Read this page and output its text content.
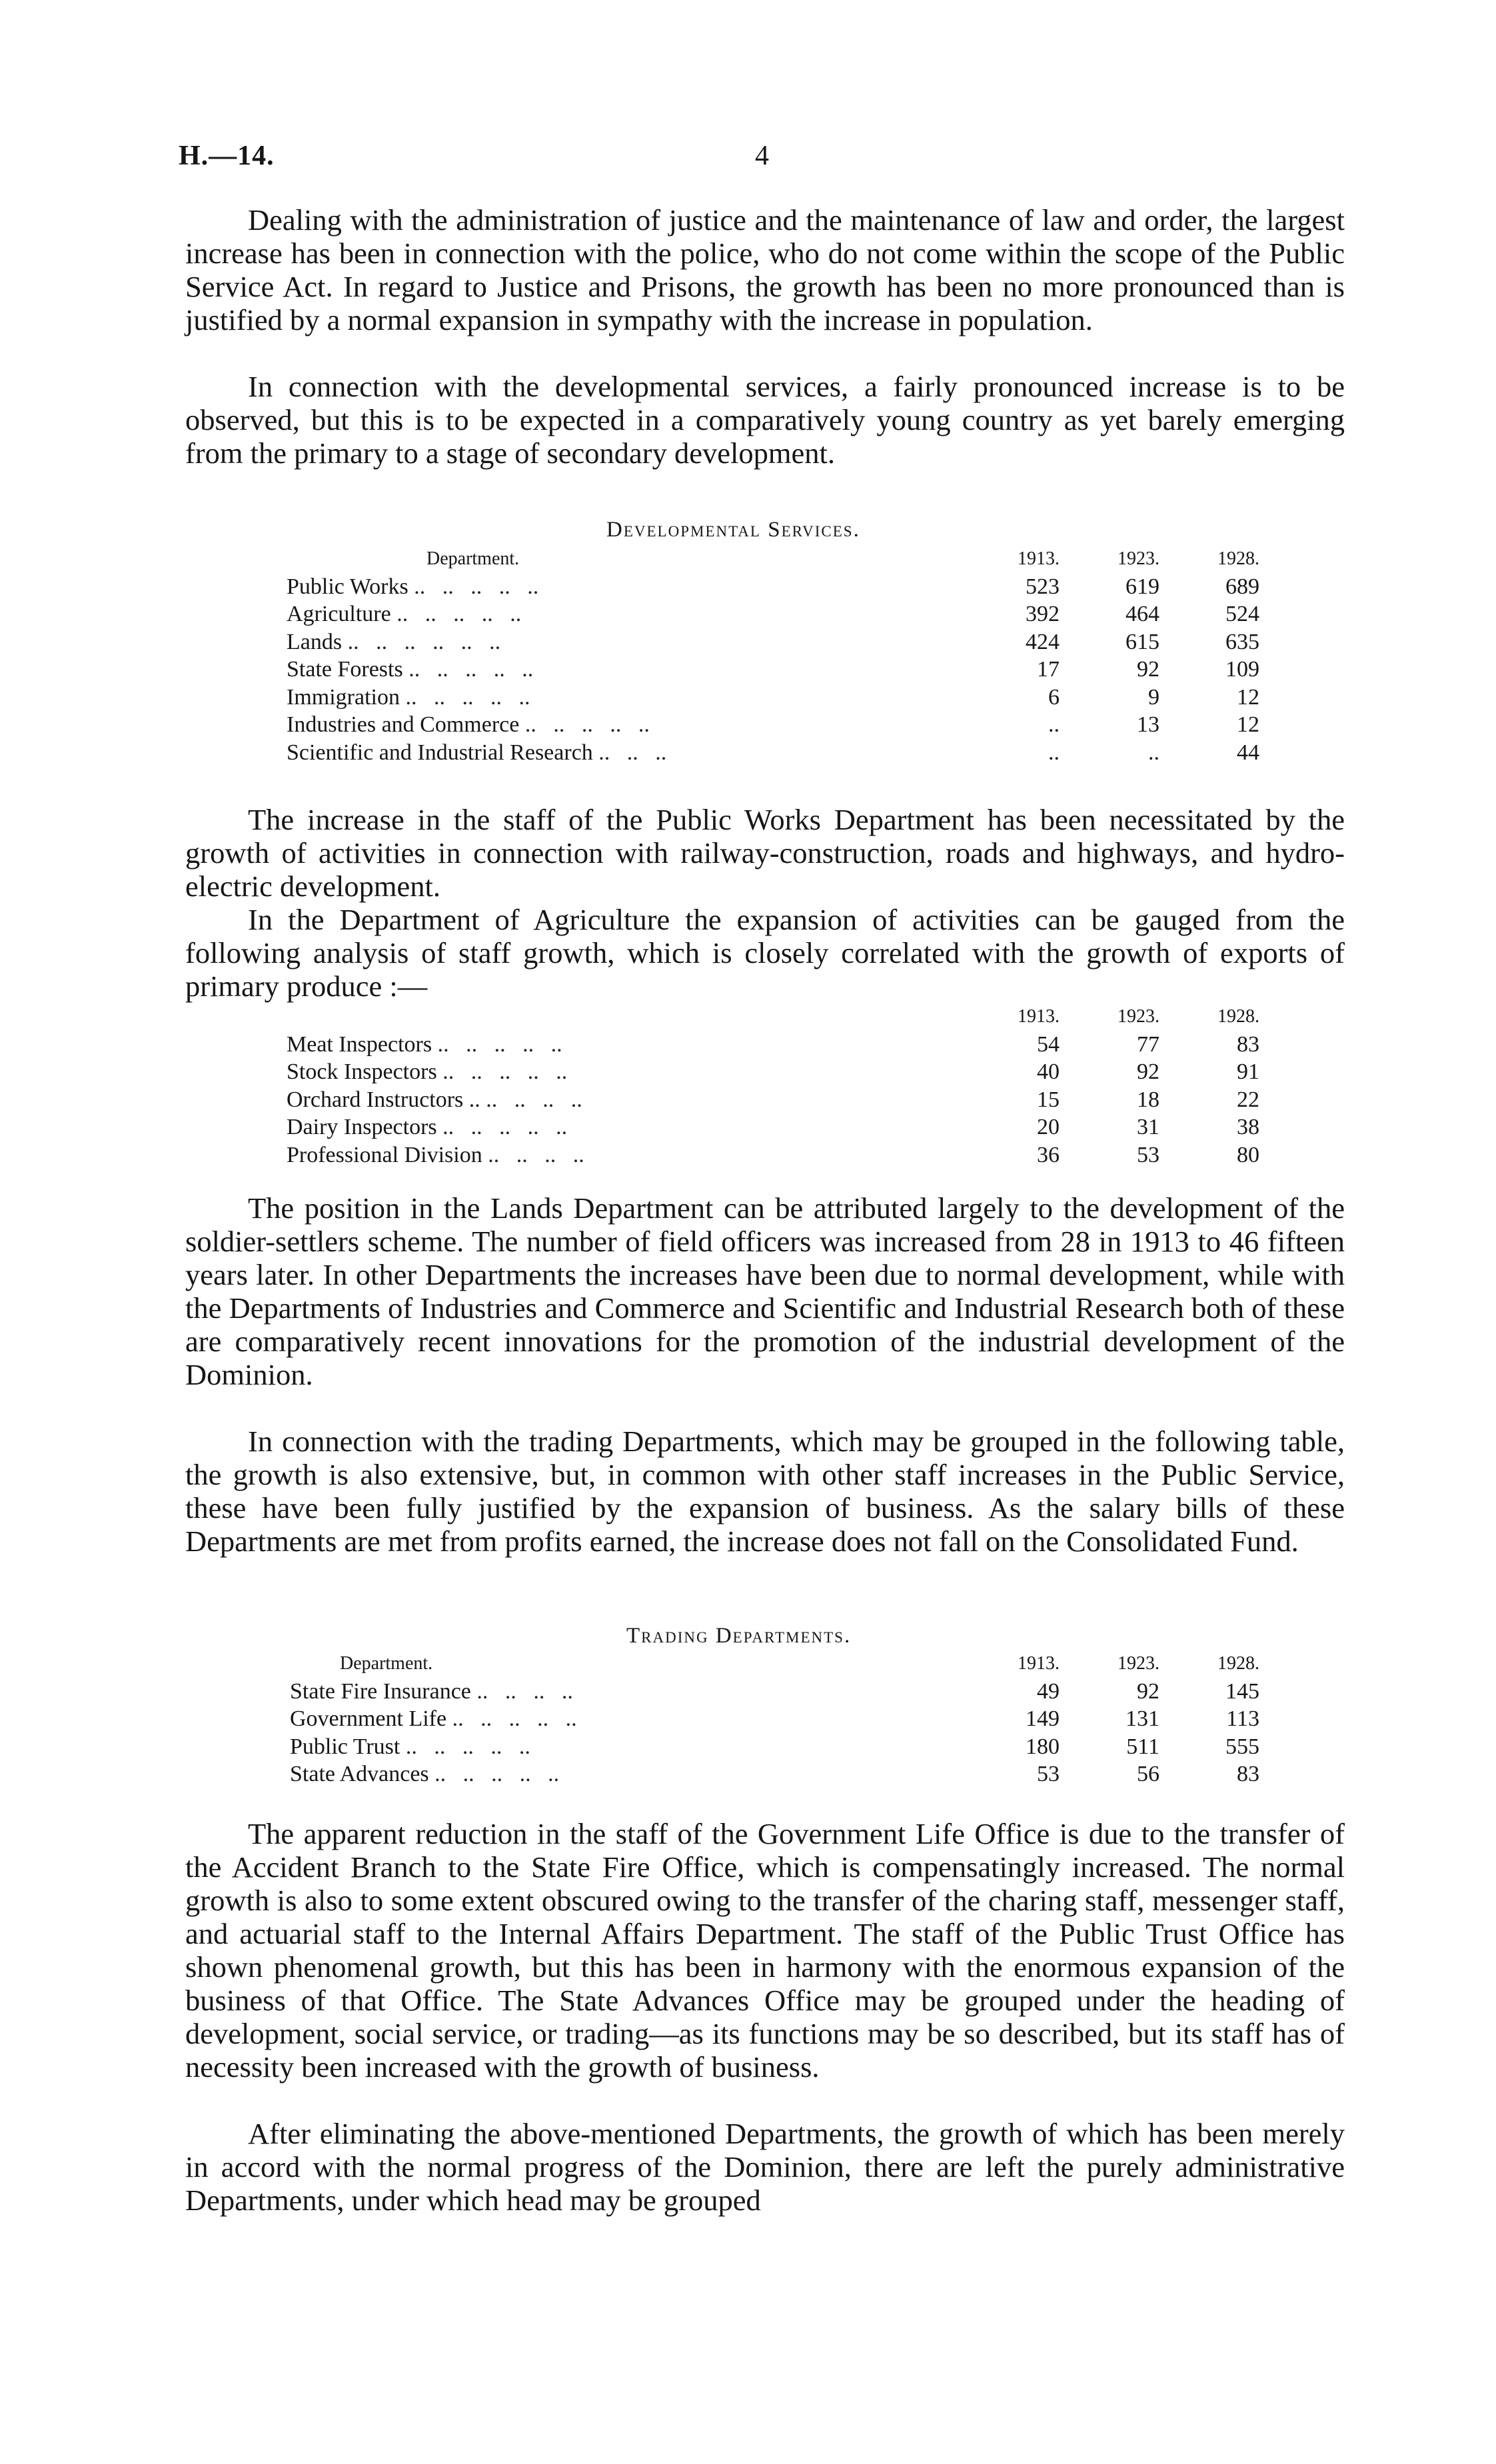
H.—14.	4

Dealing with the administration of justice and the maintenance of law and order, the largest increase has been in connection with the police, who do not come within the scope of the Public Service Act. In regard to Justice and Prisons, the growth has been no more pronounced than is justified by a normal expansion in sympathy with the increase in population.

In connection with the developmental services, a fairly pronounced increase is to be observed, but this is to be expected in a comparatively young country as yet barely emerging from the primary to a stage of secondary development.

Developmental Services.
Department.	1913.	1923.	1928.
Public Works ..   ..   ..   ..   ..	523	619	689
Agriculture ..   ..   ..   ..   ..	392	464	524
Lands ..   ..   ..   ..   ..   ..	424	615	635
State Forests ..   ..   ..   ..   ..	17	92	109
Immigration ..   ..   ..   ..   ..	6	9	12
Industries and Commerce ..   ..   ..   ..   ..	..	13	12
Scientific and Industrial Research ..   ..   ..	..	..	44

The increase in the staff of the Public Works Department has been necessitated by the growth of activities in connection with railway-construction, roads and highways, and hydro-electric development.

In the Department of Agriculture the expansion of activities can be gauged from the following analysis of staff growth, which is closely correlated with the growth of exports of primary produce :—

	1913.	1923.	1928.
Meat Inspectors ..   ..   ..   ..   ..	54	77	83
Stock Inspectors ..   ..   ..   ..   ..	40	92	91
Orchard Instructors .. ..   ..   ..   ..	15	18	22
Dairy Inspectors ..   ..   ..   ..   ..	20	31	38
Professional Division ..   ..   ..   ..	36	53	80

The position in the Lands Department can be attributed largely to the development of the soldier-settlers scheme. The number of field officers was increased from 28 in 1913 to 46 fifteen years later. In other Departments the increases have been due to normal development, while with the Departments of Industries and Commerce and Scientific and Industrial Research both of these are comparatively recent innovations for the promotion of the industrial development of the Dominion.

In connection with the trading Departments, which may be grouped in the following table, the growth is also extensive, but, in common with other staff increases in the Public Service, these have been fully justified by the expansion of business. As the salary bills of these Departments are met from profits earned, the increase does not fall on the Consolidated Fund.

Trading Departments.
Department.	1913.	1923.	1928.
State Fire Insurance ..   ..   ..   ..	49	92	145
Government Life ..   ..   ..   ..   ..	149	131	113
Public Trust ..   ..   ..   ..   ..	180	511	555
State Advances ..   ..   ..   ..   ..	53	56	83

The apparent reduction in the staff of the Government Life Office is due to the transfer of the Accident Branch to the State Fire Office, which is compensatingly increased. The normal growth is also to some extent obscured owing to the transfer of the charing staff, messenger staff, and actuarial staff to the Internal Affairs Department. The staff of the Public Trust Office has shown phenomenal growth, but this has been in harmony with the enormous expansion of the business of that Office. The State Advances Office may be grouped under the heading of development, social service, or trading—as its functions may be so described, but its staff has of necessity been increased with the growth of business.

After eliminating the above-mentioned Departments, the growth of which has been merely in accord with the normal progress of the Dominion, there are left the purely administrative Departments, under which head may be grouped
